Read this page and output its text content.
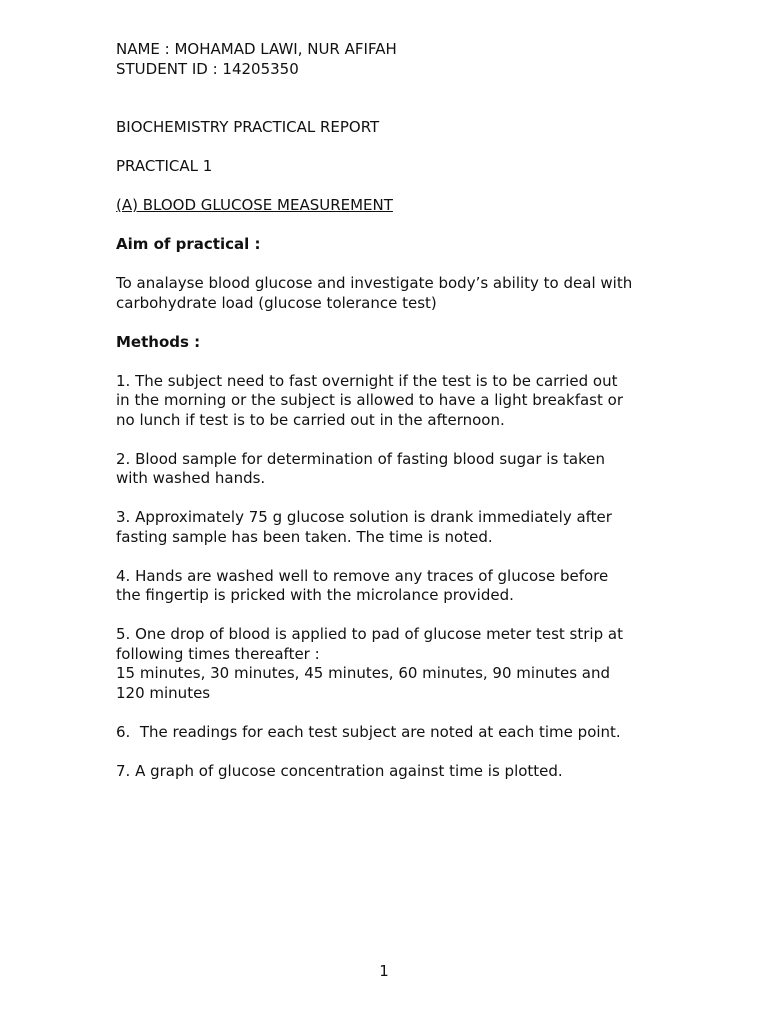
NAME : MOHAMAD LAWI, NUR AFIFAH

STUDENT ID : 14205350

BIOCHEMISTRY PRACTICAL REPORT

PRACTICAL 1

(A) BLOOD GLUCOSE MEASUREMENT

Aim of practical :

To analayse blood glucose and investigate body’s ability to deal with

carbohydrate load (glucose tolerance test)

Methods :

1. The subject need to fast overnight if the test is to be carried out

in the morning or the subject is allowed to have a light breakfast or

no lunch if test is to be carried out in the afternoon.

2. Blood sample for determination of fasting blood sugar is taken

with washed hands.

3. Approximately 75 g glucose solution is drank immediately after

fasting sample has been taken. The time is noted.

4. Hands are washed well to remove any traces of glucose before

the fingertip is pricked with the microlance provided.

5. One drop of blood is applied to pad of glucose meter test strip at

following times thereafter :

15 minutes, 30 minutes, 45 minutes, 60 minutes, 90 minutes and

120 minutes

6.  The readings for each test subject are noted at each time point.

7. A graph of glucose concentration against time is plotted.

1
